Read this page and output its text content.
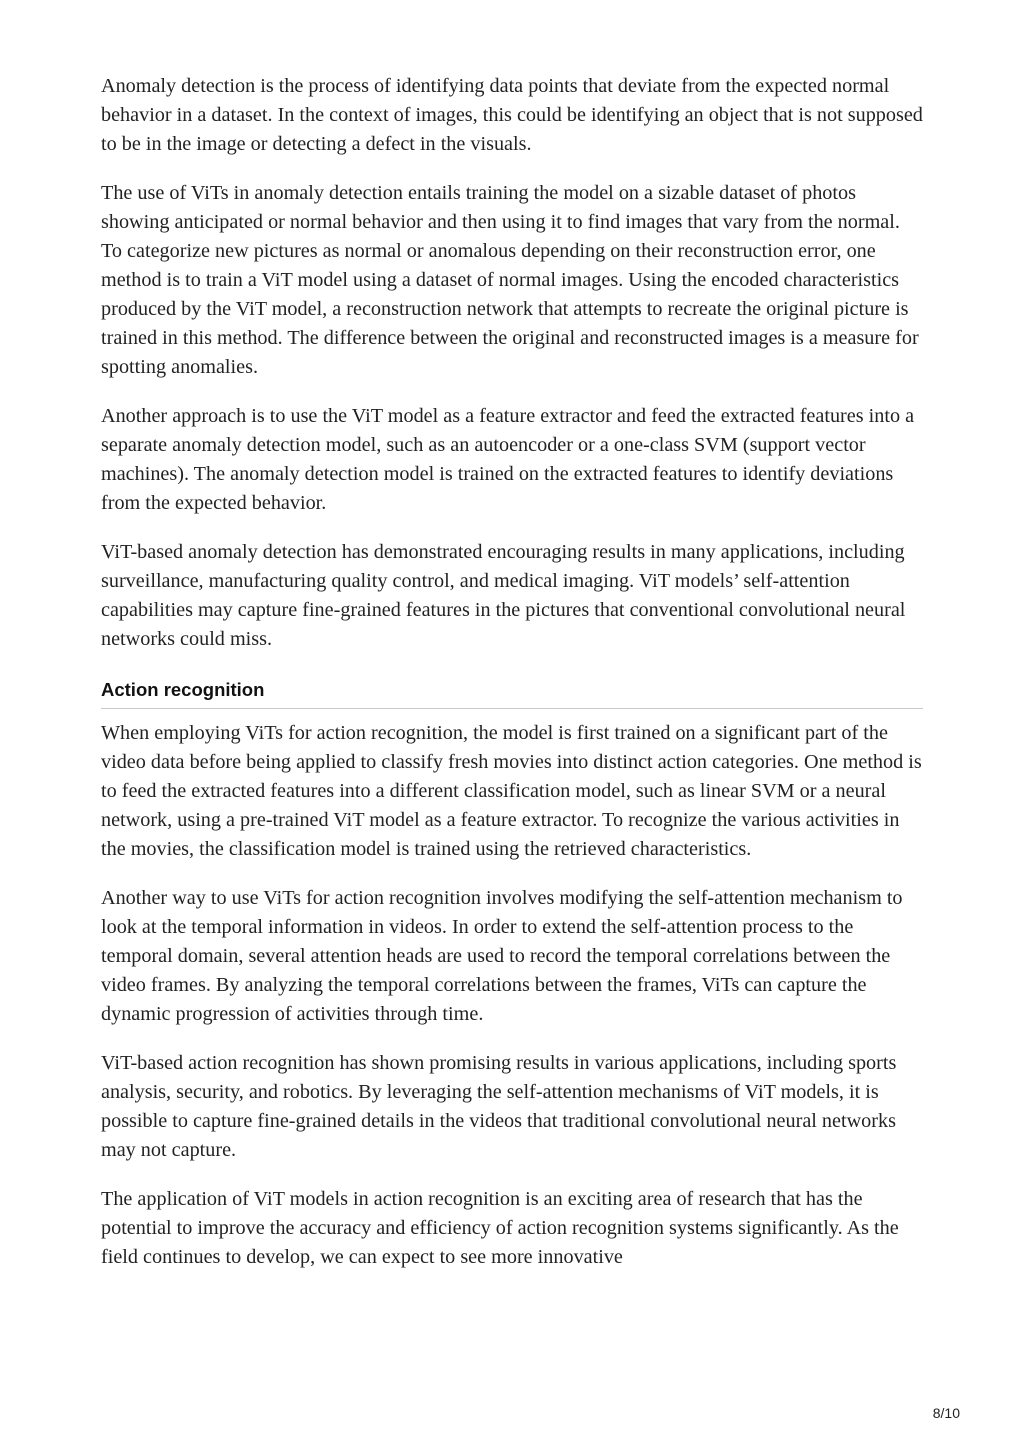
Anomaly detection is the process of identifying data points that deviate from the expected normal behavior in a dataset. In the context of images, this could be identifying an object that is not supposed to be in the image or detecting a defect in the visuals.

The use of ViTs in anomaly detection entails training the model on a sizable dataset of photos showing anticipated or normal behavior and then using it to find images that vary from the normal. To categorize new pictures as normal or anomalous depending on their reconstruction error, one method is to train a ViT model using a dataset of normal images. Using the encoded characteristics produced by the ViT model, a reconstruction network that attempts to recreate the original picture is trained in this method. The difference between the original and reconstructed images is a measure for spotting anomalies.

Another approach is to use the ViT model as a feature extractor and feed the extracted features into a separate anomaly detection model, such as an autoencoder or a one-class SVM (support vector machines). The anomaly detection model is trained on the extracted features to identify deviations from the expected behavior.

ViT-based anomaly detection has demonstrated encouraging results in many applications, including surveillance, manufacturing quality control, and medical imaging. ViT models’ self-attention capabilities may capture fine-grained features in the pictures that conventional convolutional neural networks could miss.

Action recognition

When employing ViTs for action recognition, the model is first trained on a significant part of the video data before being applied to classify fresh movies into distinct action categories. One method is to feed the extracted features into a different classification model, such as linear SVM or a neural network, using a pre-trained ViT model as a feature extractor. To recognize the various activities in the movies, the classification model is trained using the retrieved characteristics.

Another way to use ViTs for action recognition involves modifying the self-attention mechanism to look at the temporal information in videos. In order to extend the self-attention process to the temporal domain, several attention heads are used to record the temporal correlations between the video frames. By analyzing the temporal correlations between the frames, ViTs can capture the dynamic progression of activities through time.

ViT-based action recognition has shown promising results in various applications, including sports analysis, security, and robotics. By leveraging the self-attention mechanisms of ViT models, it is possible to capture fine-grained details in the videos that traditional convolutional neural networks may not capture.

The application of ViT models in action recognition is an exciting area of research that has the potential to improve the accuracy and efficiency of action recognition systems significantly. As the field continues to develop, we can expect to see more innovative

8/10
